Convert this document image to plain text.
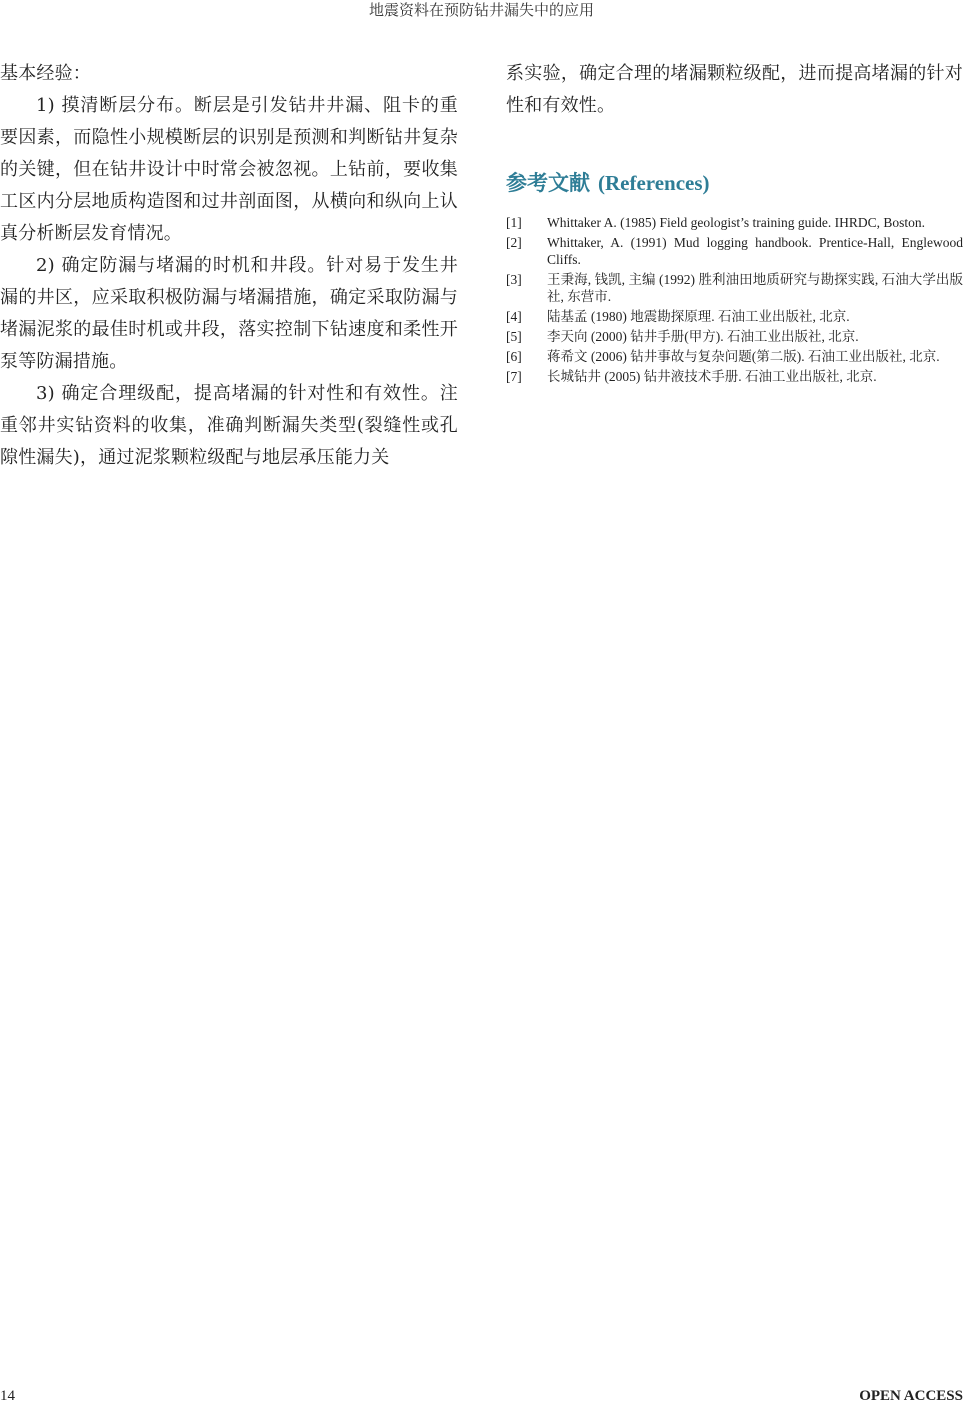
地震资料在预防钻井漏失中的应用

基本经验：

1) 摸清断层分布。断层是引发钻井井漏、阻卡的重要因素，而隐性小规模断层的识别是预测和判断钻井复杂的关键，但在钻井设计中时常会被忽视。上钻前，要收集工区内分层地质构造图和过井剖面图，从横向和纵向上认真分析断层发育情况。

2) 确定防漏与堵漏的时机和井段。针对易于发生井漏的井区，应采取积极防漏与堵漏措施，确定采取防漏与堵漏泥浆的最佳时机或井段，落实控制下钻速度和柔性开泵等防漏措施。

3) 确定合理级配，提高堵漏的针对性和有效性。注重邻井实钻资料的收集，准确判断漏失类型(裂缝性或孔隙性漏失)，通过泥浆颗粒级配与地层承压能力关

系实验，确定合理的堵漏颗粒级配，进而提高堵漏的针对性和有效性。

参考文献 (References)
[1]	Whittaker A. (1985) Field geologist’s training guide. IHRDC, Boston.
[2]	Whittaker, A. (1991) Mud logging handbook. Prentice-Hall, Englewood Cliffs.
[3]	王秉海, 钱凯, 主编 (1992) 胜利油田地质研究与勘探实践, 石油大学出版社, 东营市.
[4]	陆基孟 (1980) 地震勘探原理. 石油工业出版社, 北京.
[5]	李天向 (2000) 钻井手册(甲方). 石油工业出版社, 北京.
[6]	蒋希文 (2006) 钻井事故与复杂问题(第二版). 石油工业出版社, 北京.
[7]	长城钻井 (2005) 钻井液技术手册. 石油工业出版社, 北京.
14	OPEN ACCESS
